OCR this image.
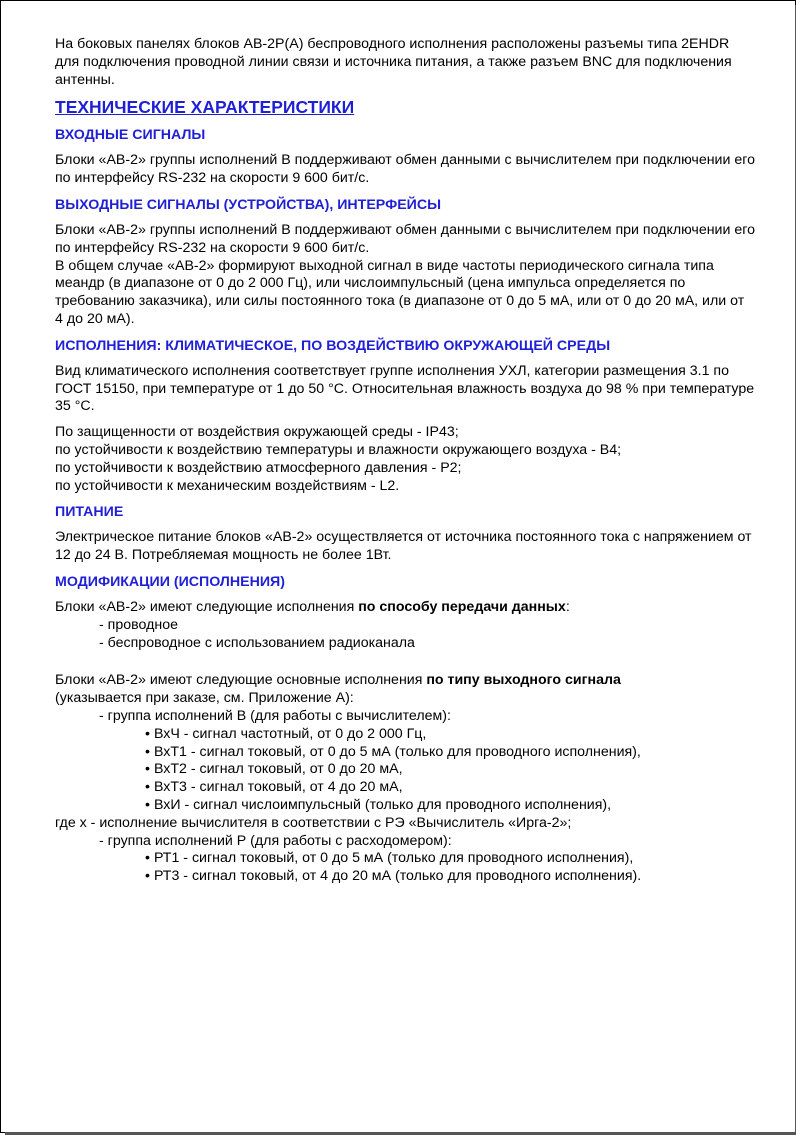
На боковых панелях блоков АВ-2Р(А) беспроводного исполнения расположены разъемы типа 2EHDR для подключения проводной линии связи и источника питания, а также разъем BNC для подключения антенны.

ТЕХНИЧЕСКИЕ ХАРАКТЕРИСТИКИ

ВХОДНЫЕ СИГНАЛЫ

Блоки «АВ-2» группы исполнений В поддерживают обмен данными с вычислителем при подключении его по интерфейсу RS-232 на скорости 9 600 бит/с.

ВЫХОДНЫЕ СИГНАЛЫ (УСТРОЙСТВА), ИНТЕРФЕЙСЫ

Блоки «АВ-2» группы исполнений В поддерживают обмен данными с вычислителем при подключении его по интерфейсу RS-232 на скорости 9 600 бит/с.

В общем случае «АВ-2» формируют выходной сигнал в виде частоты периодического сигнала типа меандр (в диапазоне от 0 до 2 000 Гц), или числоимпульсный (цена импульса определяется по требованию заказчика), или силы постоянного тока (в диапазоне от 0 до 5 мА, или от 0 до 20 мА, или от 4 до 20 мА).

ИСПОЛНЕНИЯ: КЛИМАТИЧЕСКОЕ, ПО ВОЗДЕЙСТВИЮ ОКРУЖАЮЩЕЙ СРЕДЫ

Вид климатического исполнения соответствует группе исполнения УХЛ, категории размещения 3.1 по ГОСТ 15150, при температуре от 1 до 50 °С. Относительная влажность воздуха до 98 % при температуре 35 °С.

По защищенности от воздействия окружающей среды - IP43;

по устойчивости к воздействию температуры и влажности окружающего воздуха - В4;

по устойчивости к воздействию атмосферного давления - Р2;

по устойчивости к механическим воздействиям - L2.

ПИТАНИЕ

Электрическое питание блоков «АВ-2» осуществляется от источника постоянного тока с напряжением от 12 до 24 В. Потребляемая мощность не более 1Вт.

МОДИФИКАЦИИ (ИСПОЛНЕНИЯ)

Блоки «АВ-2» имеют следующие исполнения по способу передачи данных:

- проводное

- беспроводное с использованием радиоканала

Блоки «АВ-2» имеют следующие основные исполнения по типу выходного сигнала

(указывается при заказе, см. Приложение А):

- группа исполнений В (для работы с вычислителем):

• ВхЧ - сигнал частотный, от 0 до 2 000 Гц,

• ВхТ1 - сигнал токовый, от 0 до 5 мА (только для проводного исполнения),

• ВхТ2 - сигнал токовый, от 0 до 20 мА,

• ВхТ3 - сигнал токовый, от 4 до 20 мА,

• ВхИ - сигнал числоимпульсный (только для проводного исполнения),

где х - исполнение вычислителя в соответствии с РЭ «Вычислитель «Ирга-2»;

- группа исполнений Р (для работы с расходомером):

• РТ1 - сигнал токовый, от 0 до 5 мА (только для проводного исполнения),

• РТ3 - сигнал токовый, от 4 до 20 мА (только для проводного исполнения).
